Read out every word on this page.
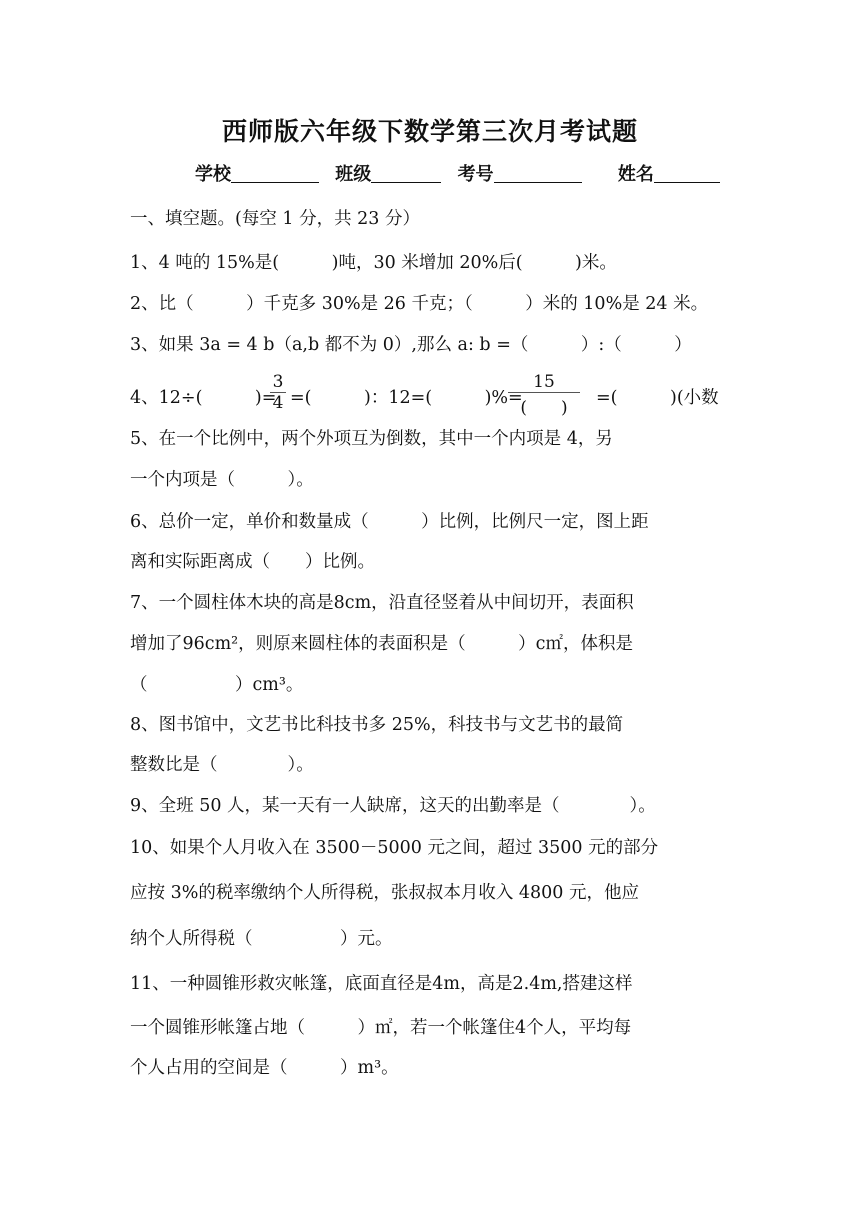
西师版六年级下数学第三次月考试题
学校	班级	考号	姓名
一、填空题。(每空 1 分，共 23 分）
1、4 吨的 15%是(　　　)吨，30 米增加 20%后(　　　)米。
2、比（　　　）千克多 30%是 26 千克；（　　　）米的 10%是 24 米。
3、如果 3a = 4 b（a,b 都不为 0）,那么 a: b =（　　　）:（　　　）
4、12÷(　　　)=
$\frac{3}{4}$ =(　　　)：12=(　　　)%=
15
(　　)	=(　　　)(小数
5、在一个比例中，两个外项互为倒数，其中一个内项是 4，另
一个内项是（　　　）。
6、总价一定，单价和数量成（　　　）比例，比例尺一定，图上距
离和实际距离成（　　）比例。
7、一个圆柱体木块的高是8cm，沿直径竖着从中间切开，表面积
增加了96cm²，则原来圆柱体的表面积是（　　　）c㎡，体积是
（　　　　　）cm³。
8、图书馆中，文艺书比科技书多 25%，科技书与文艺书的最简
整数比是（　　　　）。
9、全班 50 人，某一天有一人缺席，这天的出勤率是（　　　　）。
10、如果个人月收入在 3500－5000 元之间，超过 3500 元的部分
应按 3%的税率缴纳个人所得税，张叔叔本月收入 4800 元，他应
纳个人所得税（　　　　　）元。
11、一种圆锥形救灾帐篷，底面直径是4m，高是2.4m,搭建这样
一个圆锥形帐篷占地（　　　）㎡，若一个帐篷住4个人，平均每
个人占用的空间是（　　　）m³。
